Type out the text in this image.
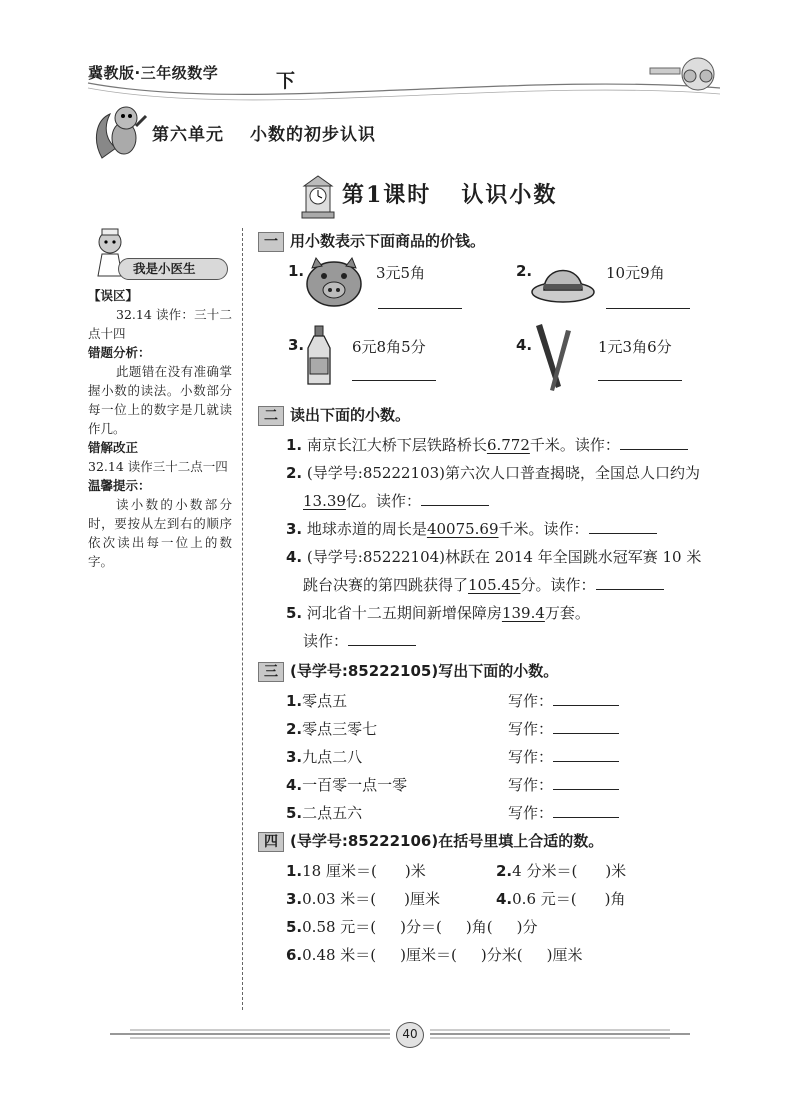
冀教版·三年级数学	下
第六单元 小数的初步认识
第1课时 认识小数
我是小医生
【误区】
32.14 读作：三十二点十四
错题分析：
此题错在没有准确掌握小数的读法。小数部分每一位上的数字是几就读作几。
错解改正
32.14 读作三十二点一四
温馨提示：
读小数的小数部分时，要按从左到右的顺序依次读出每一位上的数字。
一 用小数表示下面商品的价钱。
1.	3元5角	2.	10元9角
3.	6元8角5分	4.	1元3角6分
二 读出下面的小数。
1. 南京长江大桥下层铁路桥长6.772千米。读作：
2. (导学号:85222103)第六次人口普查揭晓，全国总人口约为
13.39亿。读作：
3. 地球赤道的周长是40075.69千米。读作：
4. (导学号:85222104)林跃在 2014 年全国跳水冠军赛 10 米
跳台决赛的第四跳获得了105.45分。读作：
5. 河北省十二五期间新增保障房139.4万套。
读作：
三 (导学号:85222105)写出下面的小数。
1.零点五	写作：
2.零点三零七	写作：
3.九点二八	写作：
4.一百零一点一零	写作：
5.二点五六	写作：
四 (导学号:85222106)在括号里填上合适的数。
1.18 厘米＝( )米	2.4 分米＝( )米
3.0.03 米＝( )厘米	4.0.6 元＝( )角
5.0.58 元＝( )分＝( )角( )分
6.0.48 米＝( )厘米＝( )分米( )厘米
40
